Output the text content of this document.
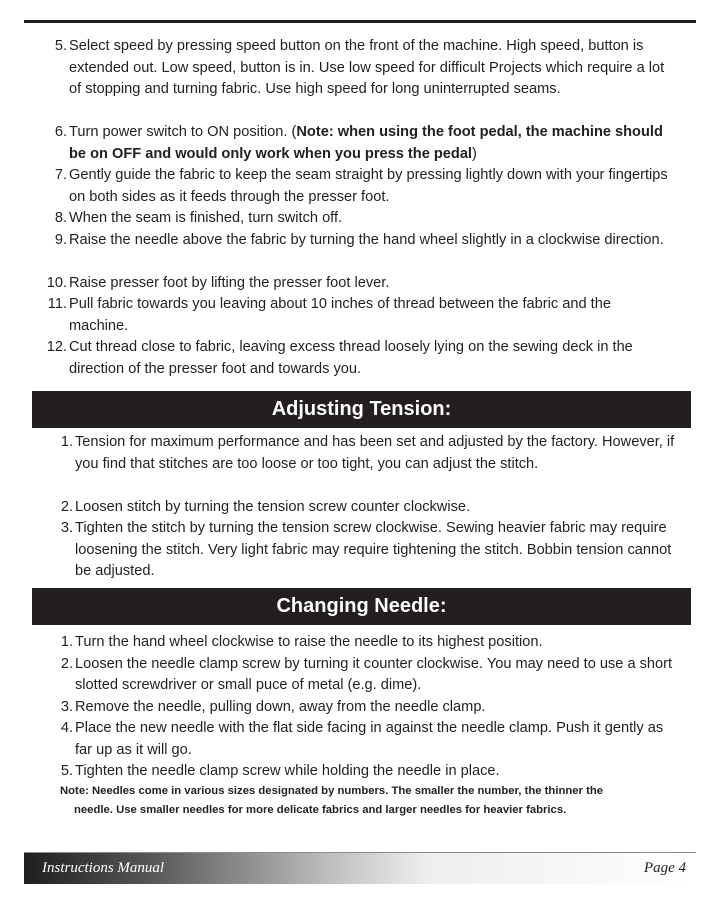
5. Select speed by pressing speed button on the front of the machine. High speed, button is extended out. Low speed, button is in. Use low speed for difficult Projects which require a lot of stopping and turning fabric. Use high speed for long uninterrupted seams.
6. Turn power switch to ON position. (Note: when using the foot pedal, the machine should be on OFF and would only work when you press the pedal)
7. Gently guide the fabric to keep the seam straight by pressing lightly down with your fingertips on both sides as it feeds through the presser foot.
8. When the seam is finished, turn switch off.
9. Raise the needle above the fabric by turning the hand wheel slightly in a clockwise direction.
10. Raise presser foot by lifting the presser foot lever.
11. Pull fabric towards you leaving about 10 inches of thread between the fabric and the machine.
12. Cut thread close to fabric, leaving excess thread loosely lying on the sewing deck in the direction of the presser foot and towards you.
Adjusting Tension:
1. Tension for maximum performance and has been set and adjusted by the factory. However, if you find that stitches are too loose or too tight, you can adjust the stitch.
2. Loosen stitch by turning the tension screw counter clockwise.
3. Tighten the stitch by turning the tension screw clockwise. Sewing heavier fabric may require loosening the stitch. Very light fabric may require tightening the stitch. Bobbin tension cannot be adjusted.
Changing Needle:
1. Turn the hand wheel clockwise to raise the needle to its highest position.
2. Loosen the needle clamp screw by turning it counter clockwise. You may need to use a short slotted screwdriver or small puce of metal (e.g. dime).
3. Remove the needle, pulling down, away from the needle clamp.
4. Place the new needle with the flat side facing in against the needle clamp. Push it gently as far up as it will go.
5. Tighten the needle clamp screw while holding the needle in place.
Note: Needles come in various sizes designated by numbers. The smaller the number, the thinner the
needle. Use smaller needles for more delicate fabrics and larger needles for heavier fabrics.
Instructions Manual	Page 4
